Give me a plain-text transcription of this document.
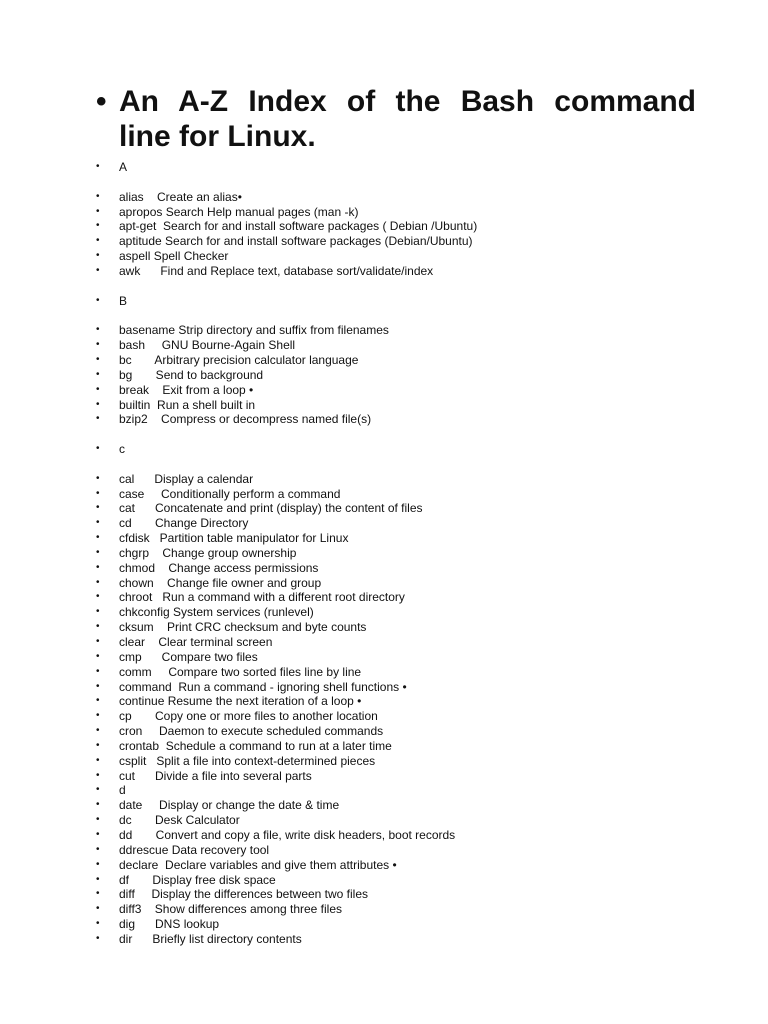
• An A-Z Index of the Bash command
line for Linux.
• A
• alias    Create an alias•
• apropos Search Help manual pages (man -k)
• apt-get  Search for and install software packages ( Debian /Ubuntu)
• aptitude Search for and install software packages (Debian/Ubuntu)
• aspell Spell Checker
• awk      Find and Replace text, database sort/validate/index
• B
• basename Strip directory and suffix from filenames
• bash     GNU Bourne-Again Shell
• bc       Arbitrary precision calculator language
• bg       Send to background
• break    Exit from a loop •
• builtin  Run a shell built in
• bzip2    Compress or decompress named file(s)
• c
• cal      Display a calendar
• case     Conditionally perform a command
• cat      Concatenate and print (display) the content of files
• cd       Change Directory
• cfdisk   Partition table manipulator for Linux
• chgrp    Change group ownership
• chmod    Change access permissions
• chown    Change file owner and group
• chroot   Run a command with a different root directory
• chkconfig System services (runlevel)
• cksum    Print CRC checksum and byte counts
• clear    Clear terminal screen
• cmp      Compare two files
• comm     Compare two sorted files line by line
• command  Run a command - ignoring shell functions •
• continue Resume the next iteration of a loop •
• cp       Copy one or more files to another location
• cron     Daemon to execute scheduled commands
• crontab  Schedule a command to run at a later time
• csplit   Split a file into context-determined pieces
• cut      Divide a file into several parts
• d
• date     Display or change the date & time
• dc       Desk Calculator
• dd       Convert and copy a file, write disk headers, boot records
• ddrescue Data recovery tool
• declare  Declare variables and give them attributes •
• df       Display free disk space
• diff     Display the differences between two files
• diff3    Show differences among three files
• dig      DNS lookup
• dir      Briefly list directory contents
